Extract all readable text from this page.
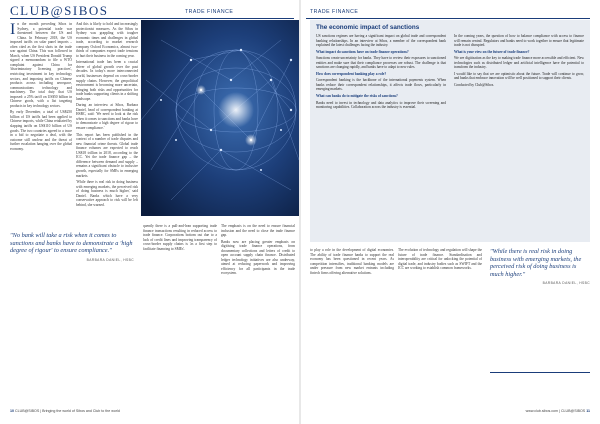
CLUB@SIBOS	TRADE FINANCE
I n the month preceding Sibos in Sydney, a potential trade war threatened between the US and China. In February 2018, the US imposed tariffs on solar panel imports – often cited as the first shots in the trade war against China. This was followed in March, when US President Donald Trump signed a memorandum to file a WTO complaint against China for 'discriminatory licensing practices', restricting investment in key technology sectors, and imposing tariffs on Chinese products across including aerospace, communications technology and machinery. The total duty that US imposed: a 25% tariff on US$50 billion in Chinese goods, with a list targeting products in key technology sectors.

By early December, a total of US$250 billion of US tariffs had been applied to Chinese imports, while China retaliated by slapping tariffs on US$110 billion of US goods. The two countries agreed to a truce in a bid to negotiate a deal, with the outcome still unclear and the threat of further escalation hanging over the global economy.

And this is likely to hold and increasingly protectionist measures. As the Sibos in Sydney was grappling with tougher economic times and challenges in global trade, according to market research company Oxford Economics, almost two-thirds of companies expect trade tensions to hurt their business in the coming year.

International trade has been a crucial driver of global growth over the past decades. In today's more interconnected world, businesses depend on cross-border supply chains. However, the geopolitical environment is becoming more uncertain, bringing both risks and opportunities for trade banks supporting clients in a shifting landscape.

During an interview at Sibos, Barbara Daniel, head of correspondent banking at HSBC, said: 'We need to look at the risk when it comes to sanctions and banks have to demonstrate a high degree of rigour to ensure compliance.'

This report has been published in the context of a number of trade disputes and new financial crime threats. Global trade finance volumes are expected to reach US$18 trillion in 2018, according to the ICC. Yet the trade finance gap – the difference between demand and supply – remains a significant obstacle to inclusive growth, especially for SMEs in emerging markets.

'While there is real risk in doing business with emerging markets, the perceived risk of doing business is much higher,' said Daniel. Banks which have a very conservative approach to risk will be left behind, she warned.

"No bank will take a risk when it comes to sanctions and banks have to demonstrate a 'high degree of rigour' to ensure compliance."
BARBARA DANIEL, HSBC

quently there is a pull-and-lean supporting trade finance transactions resulting in reduced access to trade finance. Corporations bottom out due to a lack of credit lines and improving transparency of cross-border supply chains is 'as a first step to facilitate financing to SMEs'.

The emphasis is on the need to ensure financial inclusion and the need to close the trade finance gap.

Banks now are placing greater emphasis on digitising trade finance operations, from documentary collections and letters of credit to open account supply chain finance. Distributed ledger technology initiatives are also underway, aimed at reducing paperwork and improving efficiency for all participants in the trade ecosystem.

10 CLUB@SIBOS | Bringing the world of Sibos and Club to the world
TRADE FINANCE
The economic impact of sanctions

US sanctions regimes are having a significant impact on global trade and correspondent banking relationships. In an interview at Sibos, a member of the correspondent bank explained the latest challenges facing the industry.

What impact do sanctions have on trade finance operations?

Sanctions create uncertainty for banks. They have to review their exposures to sanctioned entities and make sure that their compliance processes are robust. The challenge is that sanctions are changing rapidly, and banks have to adapt to new rules.

How does correspondent banking play a role?

Correspondent banking is the backbone of the international payments system. When banks reduce their correspondent relationships, it affects trade flows, particularly in emerging markets.

What can banks do to mitigate the risks of sanctions?

Banks need to invest in technology and data analytics to improve their screening and monitoring capabilities. Collaboration across the industry is essential.

In the coming years, the question of how to balance compliance with access to finance will remain central. Regulators and banks need to work together to ensure that legitimate trade is not disrupted.

What is your view on the future of trade finance?

We see digitisation as the key to making trade finance more accessible and efficient. New technologies such as distributed ledger and artificial intelligence have the potential to transform the industry.

I would like to say that we are optimistic about the future. Trade will continue to grow, and banks that embrace innovation will be well positioned to support their clients.

Conducted by Club@Sibos.

to play a role in the development of digital economies. The ability of trade finance banks to support the real economy has been questioned in recent years. As competition intensifies, traditional banking models are under pressure from new market entrants including fintech firms offering alternative solutions.

The evolution of technology and regulation will shape the future of trade finance. Standardisation and interoperability are critical for unlocking the potential of digital trade, and industry bodies such as SWIFT and the ICC are working to establish common frameworks.

"While there is real risk in doing business with emerging markets, the perceived risk of doing business is much higher."
BARBARA DANIEL, HSBC
www.club.sibos.com | CLUB@SIBOS 11
